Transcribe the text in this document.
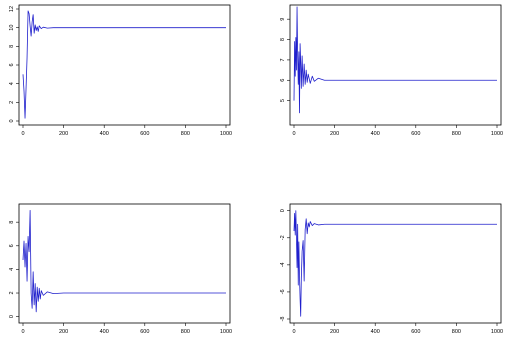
0	200	400	600	800	1000
0
2
4
6
8
10
12
0	200	400	600	800	1000
5
6
7
8
9
0	200	400	600	800	1000
0
2
4
6
8
0	200	400	600	800	1000
0
-2
-4
-6
-8
